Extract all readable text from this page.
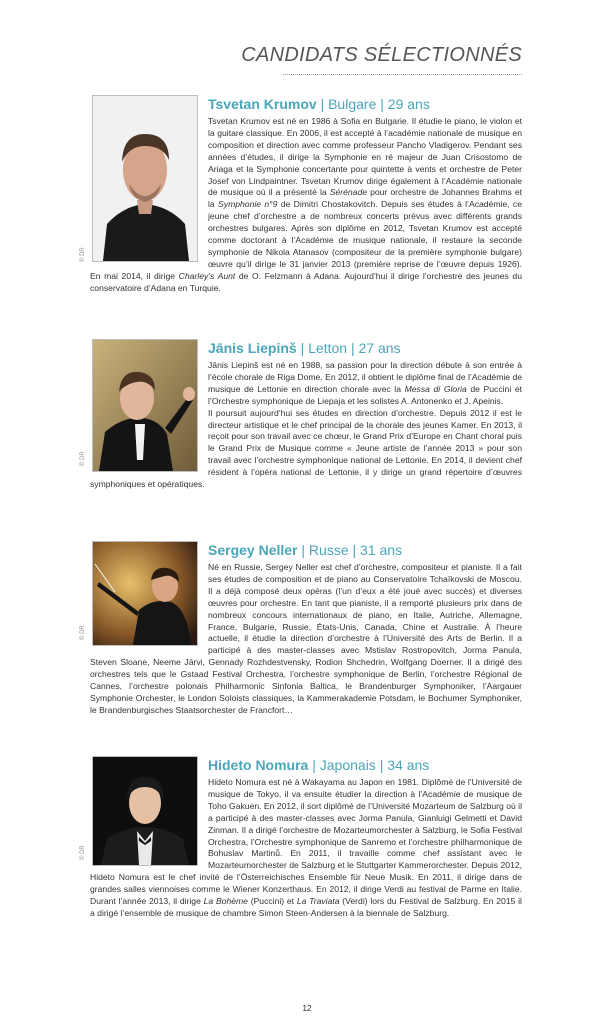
CANDIDATS SÉLECTIONNÉS
Tsvetan Krumov | Bulgare | 29 ans

Tsvetan Krumov est né en 1986 à Sofia en Bulgarie. Il étudie le piano, le violon et la guitare classique. En 2006, il est accepté à l’académie nationale de musique en composition et direction avec comme professeur Pancho Vladigerov. Pendant ses années d’études, il dirige la Symphonie en ré majeur de Juan Crisostomo de Ariaga et la Symphonie concertante pour quintette à vents et orchestre de Peter Josef von Lindpaintner. Tsvetan Krumov dirige également à l’Académie nationale de musique où il a présenté la Sérénade pour orchestre de Johannes Brahms et la Symphonie n°9 de Dimitri Chostakovitch. Depuis ses études à l’Académie, ce jeune chef d’orchestre a de nombreux concerts prévus avec différents grands orchestres bulgares. Après son diplôme en 2012, Tsvetan Krumov est accepté comme doctorant à l’Académie de musique nationale, il restaure la seconde symphonie de Nikola Atanasov (compositeur de la première symphonie bulgare) œuvre qu’il dirige le 31 janvier 2013 (première reprise de l’œuvre depuis 1926). En mai 2014, il dirige Charley’s Aunt de O. Felzmann à Adana. Aujourd’hui il dirige l’orchestre des jeunes du conservatoire d’Adana en Turquie.

© DR
Jānis Liepinš | Letton | 27 ans

Jānis Liepinš est né en 1988, sa passion pour la direction débute à son entrée à l’école chorale de Riga Dome. En 2012, il obtient le diplôme final de l’Académie de musique de Lettonie en direction chorale avec la Messa di Gloria de Puccini et l’Orchestre symphonique de Liepaja et les solistes A. Antonenko et J. Apeinis.
Il poursuit aujourd’hui ses études en direction d’orchestre. Depuis 2012 il est le directeur artistique et le chef principal de la chorale des jeunes Kamer. En 2013, il reçoit pour son travail avec ce chœur, le Grand Prix d’Europe en Chant choral puis le Grand Prix de Musique comme « Jeune artiste de l’année 2013 » pour son travail avec l’orchestre symphonique national de Lettonie. En 2014, il devient chef résident à l’opéra national de Lettonie, il y dirige un grand répertoire d’œuvres symphoniques et opératiques.

© DR
Sergey Neller | Russe | 31 ans

Né en Russie, Sergey Neller est chef d’orchestre, compositeur et pianiste. Il a fait ses études de composition et de piano au Conservatoire Tchaïkovski de Moscou. Il a déjà composé deux opéras (l’un d’eux a été joué avec succès) et diverses œuvres pour orchestre. En tant que pianiste, il a remporté plusieurs prix dans de nombreux concours internationaux de piano, en Italie, Autriche, Allemagne, France, Bulgarie, Russie, États-Unis, Canada, Chine et Australie. À l’heure actuelle, il étudie la direction d’orchestre à l’Université des Arts de Berlin. Il a participé à des master-classes avec Mstislav Rostropovitch, Jorma Panula, Steven Sloane, Neeme Järvi, Gennady Rozhdestvensky, Rodion Shchedrin, Wolfgang Doerner. Il a dirigé des orchestres tels que le Gstaad Festival Orchestra, l’orchestre symphonique de Berlin, l’orchestre Régional de Cannes, l’orchestre polonais Philharmonic Sinfonia Baltica, le Brandenburger Symphoniker, l’Aargauer Symphonie Orchester, le London Soloists classiques, la Kammerakademie Potsdam, le Bochumer Symphoniker, le Brandenburgisches Staatsorchester de Francfort…

© DR
Hideto Nomura | Japonais | 34 ans

Hideto Nomura est né à Wakayama au Japon en 1981. Diplômé de l’Université de musique de Tokyo, il va ensuite étudier la direction à l’Académie de musique de Toho Gakuen. En 2012, il sort diplômé de l’Université Mozarteum de Salzburg où il a participé à des master-classes avec Jorma Panula, Gianluigi Gelmetti et David Zinman. Il a dirigé l’orchestre de Mozarteumorchester à Salzburg, le Sofia Festival Orchestra, l’Orchestre symphonique de Sanremo et l’orchestre philharmonique de Bohuslav Martinů. En 2011, il travaille comme chef assistant avec le Mozarteumorchester de Salzburg et le Stuttgarter Kammerorchester. Depuis 2012, Hideto Nomura est le chef invité de l’Österreichisches Ensemble für Neue Musik. En 2011, il dirige dans de grandes salles viennoises comme le Wiener Konzerthaus. En 2012, il dirige Verdi au festival de Parme en Italie. Durant l’année 2013, il dirige La Bohème (Puccini) et La Traviata (Verdi) lors du Festival de Salzburg. En 2015 il a dirigé l’ensemble de musique de chambre Simon Steen-Andersen à la biennale de Salzburg.

© DR
12
